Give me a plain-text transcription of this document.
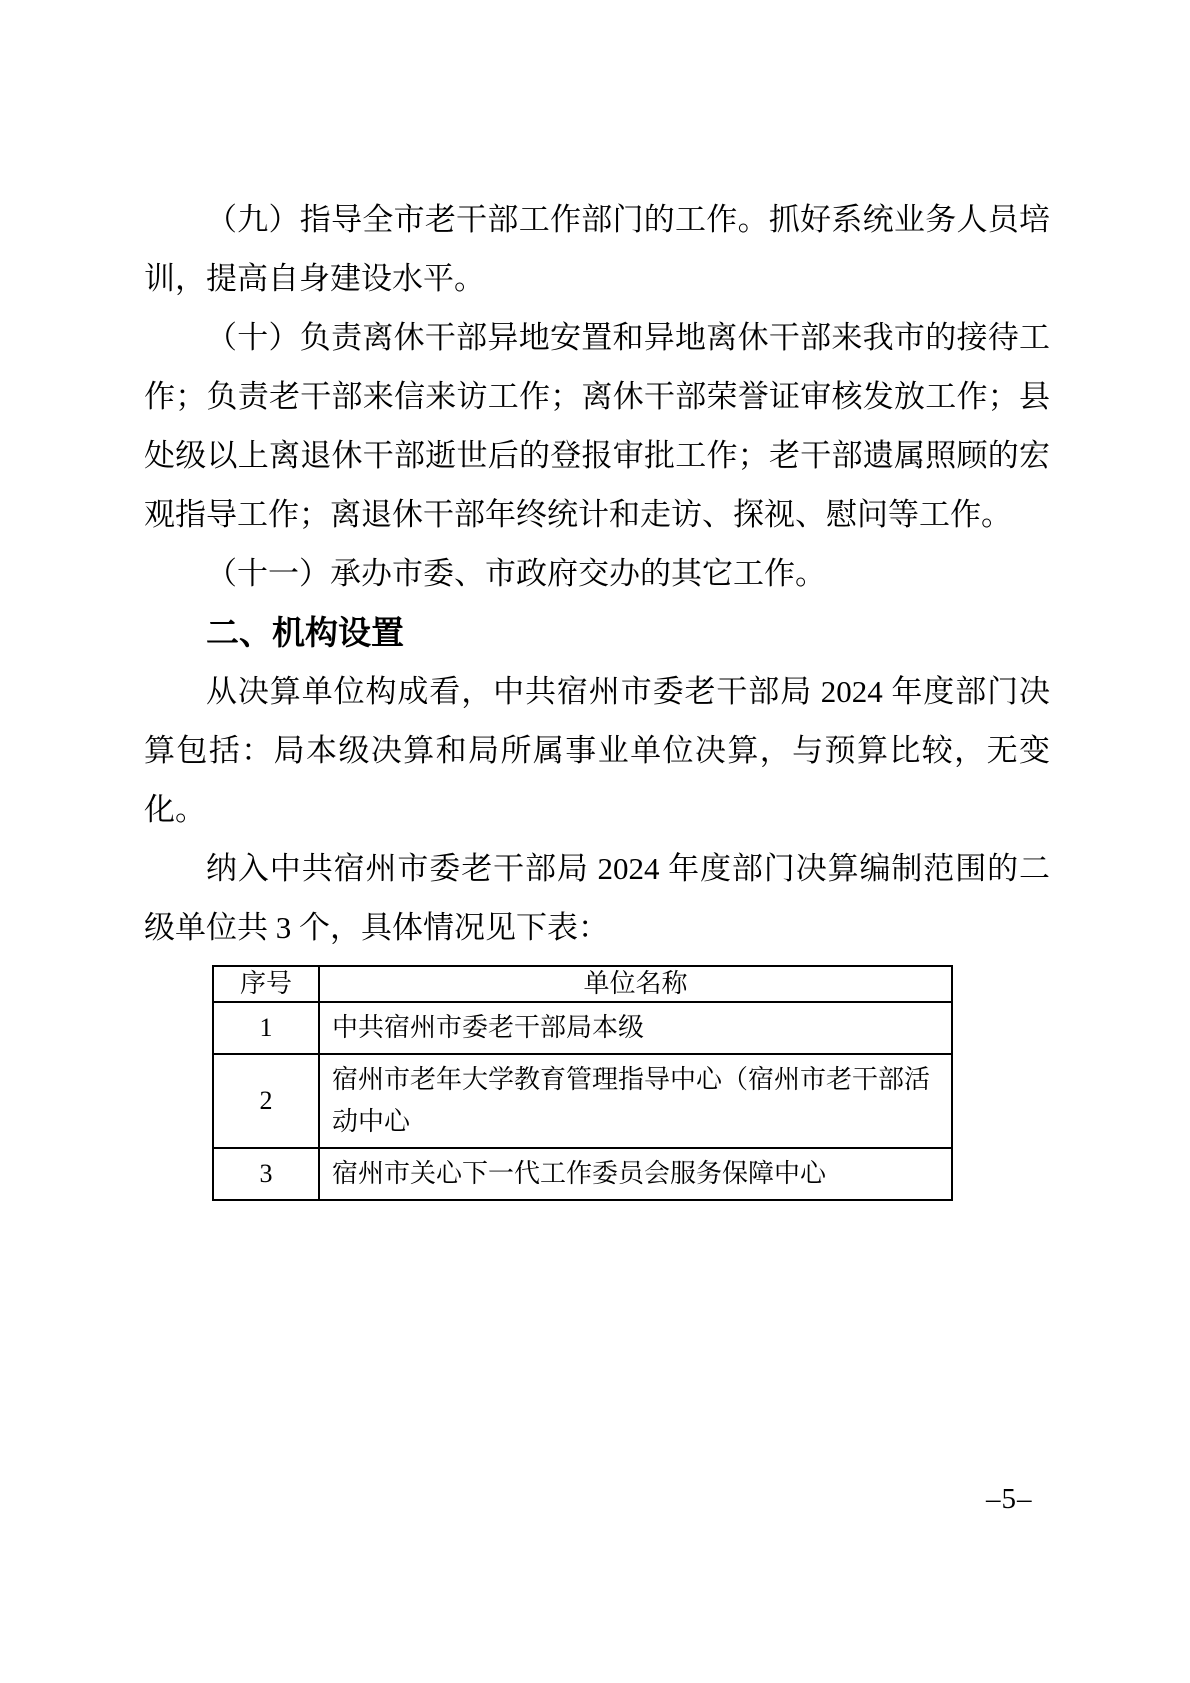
（九）指导全市老干部工作部门的工作。抓好系统业务人员培训，提高自身建设水平。

（十）负责离休干部异地安置和异地离休干部来我市的接待工作；负责老干部来信来访工作；离休干部荣誉证审核发放工作；县处级以上离退休干部逝世后的登报审批工作；老干部遗属照顾的宏观指导工作；离退休干部年终统计和走访、探视、慰问等工作。

（十一）承办市委、市政府交办的其它工作。

二、机构设置

从决算单位构成看，中共宿州市委老干部局 2024 年度部门决算包括：局本级决算和局所属事业单位决算，与预算比较，无变化。

纳入中共宿州市委老干部局 2024 年度部门决算编制范围的二级单位共 3 个，具体情况见下表：

序号	单位名称
1	中共宿州市委老干部局本级
2	宿州市老年大学教育管理指导中心（宿州市老干部活动中心
3	宿州市关心下一代工作委员会服务保障中心
–5–
